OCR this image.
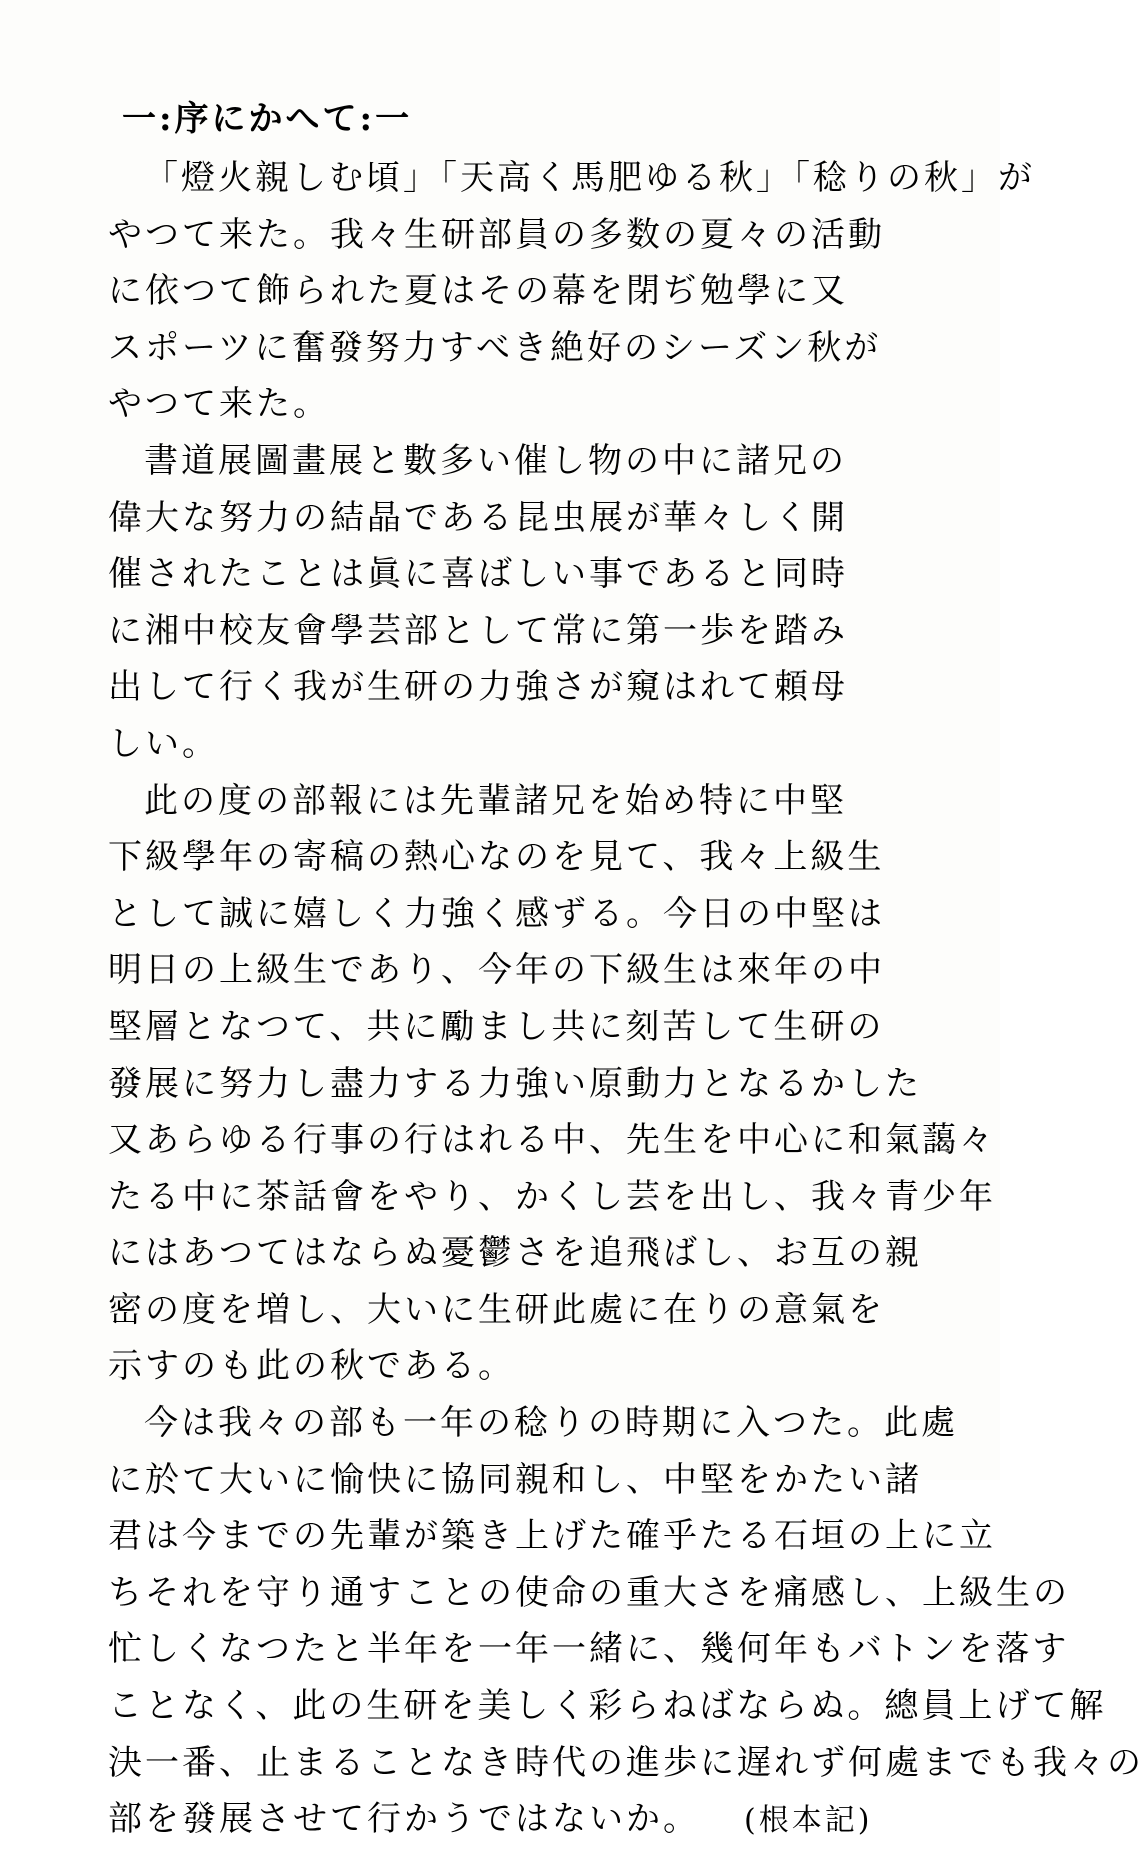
一:序にかへて:一
「燈火親しむ頃」「天高く馬肥ゆる秋」「稔りの秋」が
やつて来た。我々生研部員の多数の夏々の活動
に依つて飾られた夏はその幕を閉ぢ勉學に又
スポーツに奮發努力すべき絶好のシーズン秋が
やつて来た。
書道展圖畫展と數多い催し物の中に諸兄の
偉大な努力の結晶である昆虫展が華々しく開
催されたことは眞に喜ばしい事であると同時
に湘中校友會學芸部として常に第一歩を踏み
出して行く我が生研の力強さが窺はれて頼母
しい。
此の度の部報には先輩諸兄を始め特に中堅
下級學年の寄稿の熱心なのを見て、我々上級生
として誠に嬉しく力強く感ずる。今日の中堅は
明日の上級生であり、今年の下級生は來年の中
堅層となつて、共に勵まし共に刻苦して生研の
發展に努力し盡力する力強い原動力となるかした
又あらゆる行事の行はれる中、先生を中心に和氣藹々
たる中に茶話會をやり、かくし芸を出し、我々青少年
にはあつてはならぬ憂鬱さを追飛ばし、お互の親
密の度を増し、大いに生研此處に在りの意氣を
示すのも此の秋である。
今は我々の部も一年の稔りの時期に入つた。此處
に於て大いに愉快に協同親和し、中堅をかたい諸
君は今までの先輩が築き上げた確乎たる石垣の上に立
ちそれを守り通すことの使命の重大さを痛感し、上級生の
忙しくなつたと半年を一年一緒に、幾何年もバトンを落す
ことなく、此の生研を美しく彩らねばならぬ。總員上げて解
決一番、止まることなき時代の進歩に遅れず何處までも我々の
部を發展させて行かうではないか。 (根本記)
